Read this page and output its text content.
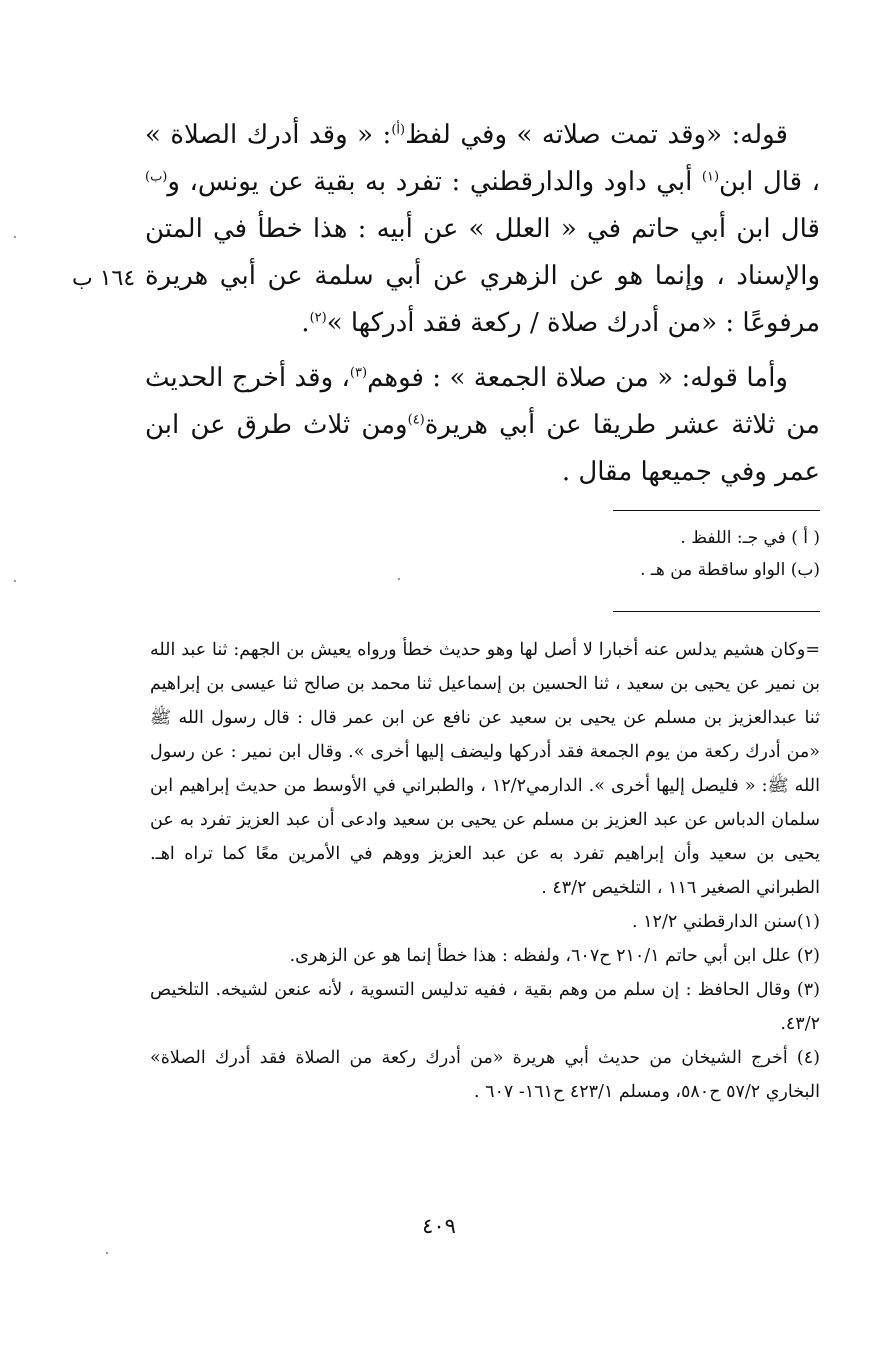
قوله: «وقد تمت صلاته » وفي لفظ$^{(أ)}$: « وقد أدرك الصلاة » ، قال ابن$^{(١)}$ أبي داود والدارقطني : تفرد به بقية عن يونس، و$^{(ب)}$ قال ابن أبي حاتم في « العلل » عن أبيه : هذا خطأ في المتن والإسناد ، وإنما هو عن الزهري عن أبي سلمة عن أبي هريرة مرفوعًا : «من أدرك صلاة / ركعة فقد أدركها »$^{(٢)}$.

وأما قوله: « من صلاة الجمعة » : فوهم$^{(٣)}$، وقد أخرج الحديث من ثلاثة عشر طريقا عن أبي هريرة$^{(٤)}$ومن ثلاث طرق عن ابن عمر وفي جميعها مقال .

١٦٤ ب
( أ ) في جـ: اللفظ .
(ب) الواو ساقطة من هـ .

=وكان هشيم يدلس عنه أخبارا لا أصل لها وهو حديث خطأ ورواه يعيش بن الجهم: ثنا عبد الله بن نمير عن يحيى بن سعيد ، ثنا الحسين بن إسماعيل ثنا محمد بن صالح ثنا عيسى بن إبراهيم ثنا عبدالعزيز بن مسلم عن يحيى بن سعيد عن نافع عن ابن عمر قال : قال رسول الله ﷺ «من أدرك ركعة من يوم الجمعة فقد أدركها وليضف إليها أخرى ». وقال ابن نمير : عن رسول الله ﷺ: « فليصل إليها أخرى ». الدارمي١٢/٢ ، والطبراني في الأوسط من حديث إبراهيم ابن سلمان الدباس عن عبد العزيز بن مسلم عن يحيى بن سعيد وادعى أن عبد العزيز تفرد به عن يحيى بن سعيد وأن إبراهيم تفرد به عن عبد العزيز ووهم في الأمرين معًا كما تراه اهـ. الطبراني الصغير ١١٦ ، التلخيص ٤٣/٢ .

(١)سنن الدارقطني ١٢/٢ .

(٢) علل ابن أبي حاتم ٢١٠/١ ح٦٠٧، ولفظه : هذا خطأ إنما هو عن الزهرى.

(٣) وقال الحافظ : إن سلم من وهم بقية ، ففيه تدليس التسوية ، لأنه عنعن لشيخه. التلخيص ٤٣/٢.

(٤) أخرج الشيخان من حديث أبي هريرة «من أدرك ركعة من الصلاة فقد أدرك الصلاة» البخاري ٥٧/٢ ح٥٨٠، ومسلم ٤٢٣/١ ح١٦١- ٦٠٧ .

٤٠٩
